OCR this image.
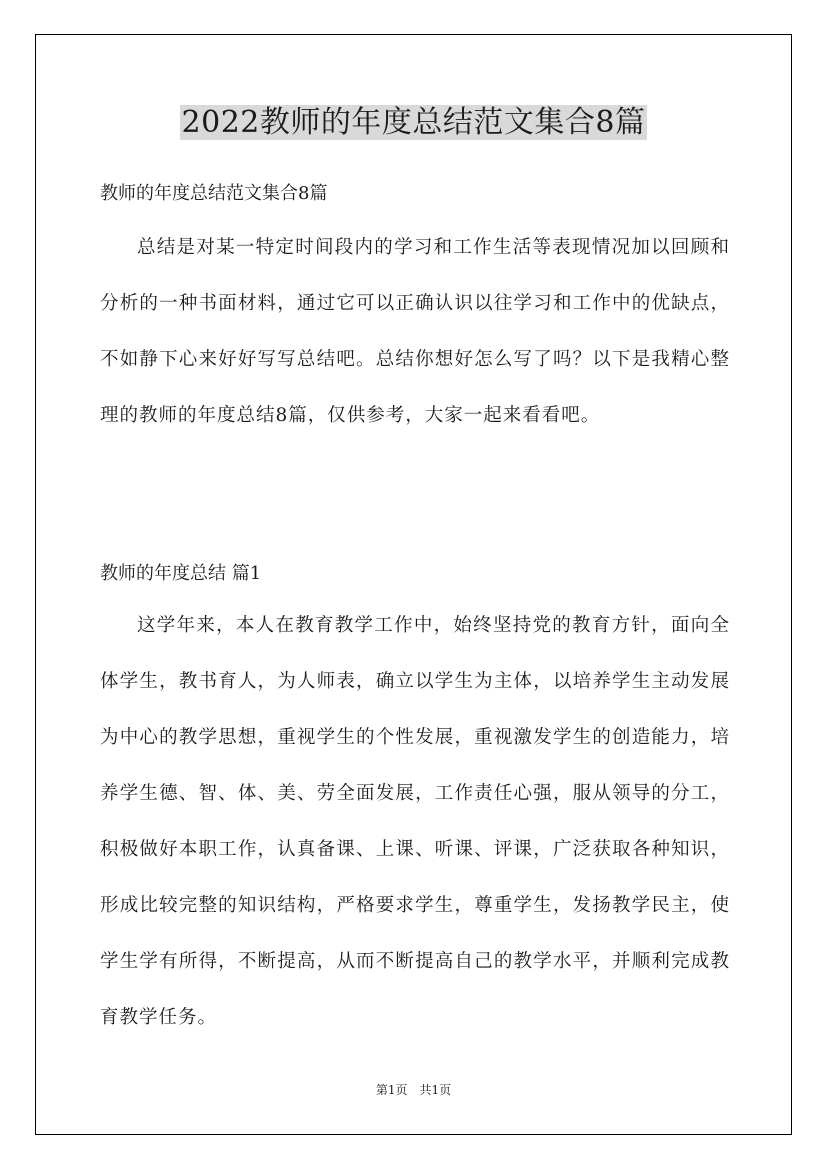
2022教师的年度总结范文集合8篇

教师的年度总结范文集合8篇

总结是对某一特定时间段内的学习和工作生活等表现情况加以回顾和分析的一种书面材料，通过它可以正确认识以往学习和工作中的优缺点，不如静下心来好好写写总结吧。总结你想好怎么写了吗？以下是我精心整理的教师的年度总结8篇，仅供参考，大家一起来看看吧。

教师的年度总结 篇1

这学年来，本人在教育教学工作中，始终坚持党的教育方针，面向全体学生，教书育人，为人师表，确立以学生为主体，以培养学生主动发展为中心的教学思想，重视学生的个性发展，重视激发学生的创造能力，培养学生德、智、体、美、劳全面发展，工作责任心强，服从领导的分工，积极做好本职工作，认真备课、上课、听课、评课，广泛获取各种知识，形成比较完整的知识结构，严格要求学生，尊重学生，发扬教学民主，使学生学有所得，不断提高，从而不断提高自己的教学水平，并顺利完成教育教学任务。

第1页　共1页
